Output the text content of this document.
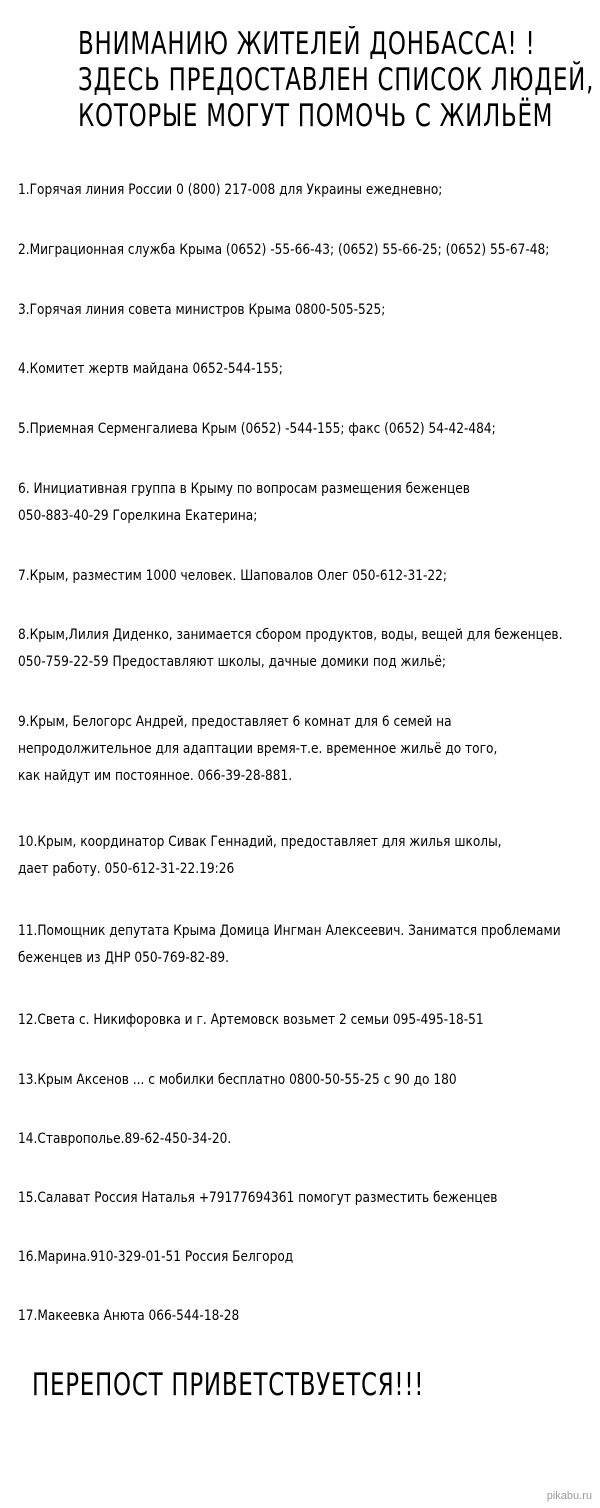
ВНИМАНИЮ ЖИТЕЛЕЙ ДОНБАССА! !
ЗДЕСЬ ПРЕДОСТАВЛЕН СПИСОК ЛЮДЕЙ,
КОТОРЫЕ МОГУТ ПОМОЧЬ С ЖИЛЬЁМ
1.Горячая линия России 0 (800) 217-008 для Украины ежедневно;
2.Миграционная служба Крыма (0652) -55-66-43; (0652) 55-66-25; (0652) 55-67-48;
3.Горячая линия совета министров Крыма 0800-505-525;
4.Комитет жертв майдана 0652-544-155;
5.Приемная Серменгалиева Крым (0652) -544-155; факс (0652) 54-42-484;
6. Инициативная группа в Крыму по вопросам размещения беженцев
050-883-40-29 Горелкина Екатерина;
7.Крым, разместим 1000 человек. Шаповалов Олег 050-612-31-22;
8.Крым,Лилия Диденко, занимается сбором продуктов, воды, вещей для беженцев.
050-759-22-59 Предоставляют школы, дачные домики под жильё;
9.Крым, Белогорс Андрей, предоставляет 6 комнат для 6 семей на
непродолжительное для адаптации время-т.е. временное жильё до того,
как найдут им постоянное. 066-39-28-881.
10.Крым, координатор Сивак Геннадий, предоставляет для жилья школы,
дает работу. 050-612-31-22.19:26
11.Помощник депутата Крыма Домица Ингман Алексеевич. Заниматся проблемами
беженцев из ДНР 050-769-82-89.
12.Света с. Никифоровка и г. Артемовск возьмет 2 семьи 095-495-18-51
13.Крым Аксенов ... с мобилки бесплатно 0800-50-55-25 с 90 до 180
14.Ставрополье.89-62-450-34-20.
15.Салават Россия Наталья +79177694361 помогут разместить беженцев
16.Марина.910-329-01-51 Россия Белгород
17.Макеевка Анюта 066-544-18-28
ПЕРЕПОСТ ПРИВЕТСТВУЕТСЯ!!!
pikabu.ru
